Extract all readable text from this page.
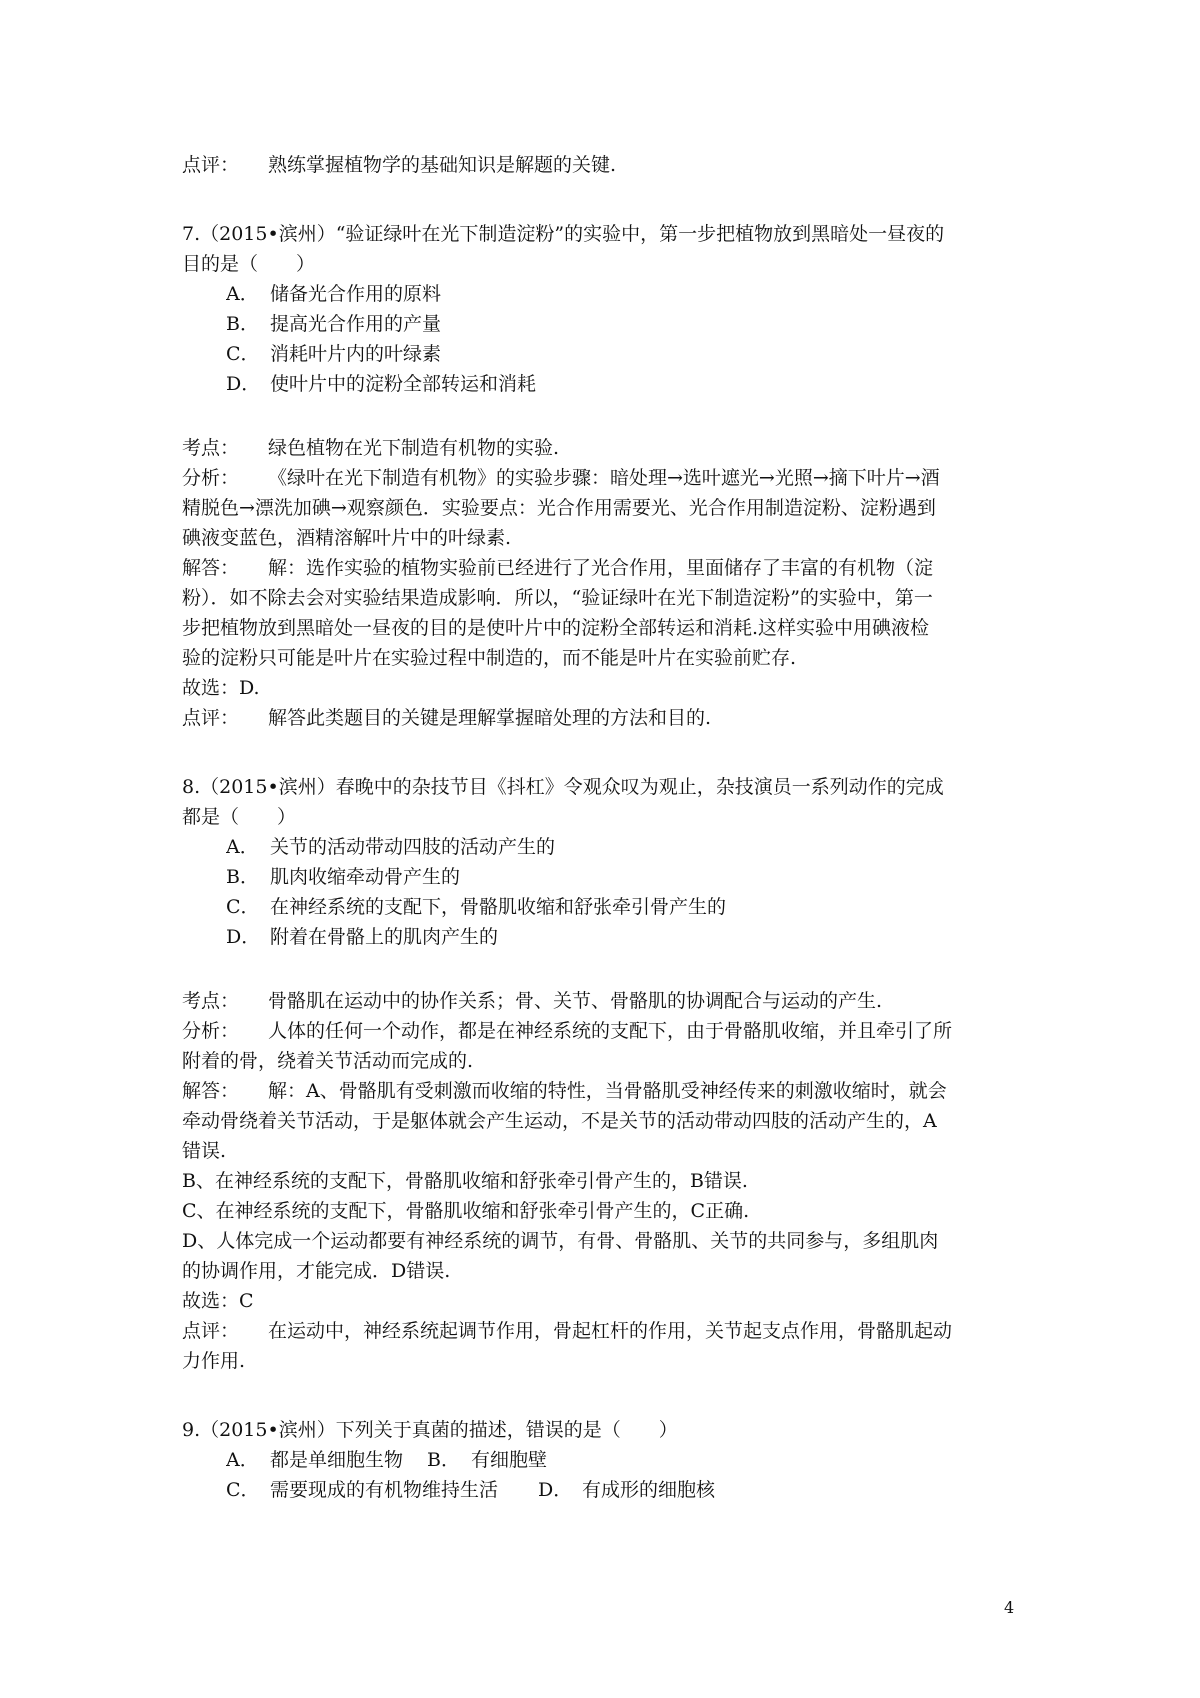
点评： 熟练掌握植物学的基础知识是解题的关键.
7.（2015•滨州）“验证绿叶在光下制造淀粉”的实验中，第一步把植物放到黑暗处一昼夜的
目的是（　　）
A． 储备光合作用的原料
B． 提高光合作用的产量
C． 消耗叶片内的叶绿素
D． 使叶片中的淀粉全部转运和消耗
考点： 绿色植物在光下制造有机物的实验.
分析： 《绿叶在光下制造有机物》的实验步骤：暗处理→选叶遮光→光照→摘下叶片→酒
精脱色→漂洗加碘→观察颜色．实验要点：光合作用需要光、光合作用制造淀粉、淀粉遇到
碘液变蓝色，酒精溶解叶片中的叶绿素.
解答： 解：选作实验的植物实验前已经进行了光合作用，里面储存了丰富的有机物（淀
粉）．如不除去会对实验结果造成影响．所以，“验证绿叶在光下制造淀粉”的实验中，第一
步把植物放到黑暗处一昼夜的目的是使叶片中的淀粉全部转运和消耗.这样实验中用碘液检
验的淀粉只可能是叶片在实验过程中制造的，而不能是叶片在实验前贮存.
故选：D.
点评： 解答此类题目的关键是理解掌握暗处理的方法和目的.
8.（2015•滨州）春晚中的杂技节目《抖杠》令观众叹为观止，杂技演员一系列动作的完成
都是（　　）
A． 关节的活动带动四肢的活动产生的
B． 肌肉收缩牵动骨产生的
C． 在神经系统的支配下，骨骼肌收缩和舒张牵引骨产生的
D． 附着在骨骼上的肌肉产生的
考点： 骨骼肌在运动中的协作关系；骨、关节、骨骼肌的协调配合与运动的产生.
分析： 人体的任何一个动作，都是在神经系统的支配下，由于骨骼肌收缩，并且牵引了所
附着的骨，绕着关节活动而完成的.
解答： 解：A、骨骼肌有受刺激而收缩的特性，当骨骼肌受神经传来的刺激收缩时，就会
牵动骨绕着关节活动，于是躯体就会产生运动，不是关节的活动带动四肢的活动产生的，A
错误.
B、在神经系统的支配下，骨骼肌收缩和舒张牵引骨产生的，B错误.
C、在神经系统的支配下，骨骼肌收缩和舒张牵引骨产生的，C正确.
D、人体完成一个运动都要有神经系统的调节，有骨、骨骼肌、关节的共同参与，多组肌肉
的协调作用，才能完成．D错误.
故选：C
点评： 在运动中，神经系统起调节作用，骨起杠杆的作用，关节起支点作用，骨骼肌起动
力作用.
9.（2015•滨州）下列关于真菌的描述，错误的是（　　）
A． 都是单细胞生物 B． 有细胞壁
C． 需要现成的有机物维持生活 D． 有成形的细胞核
4
